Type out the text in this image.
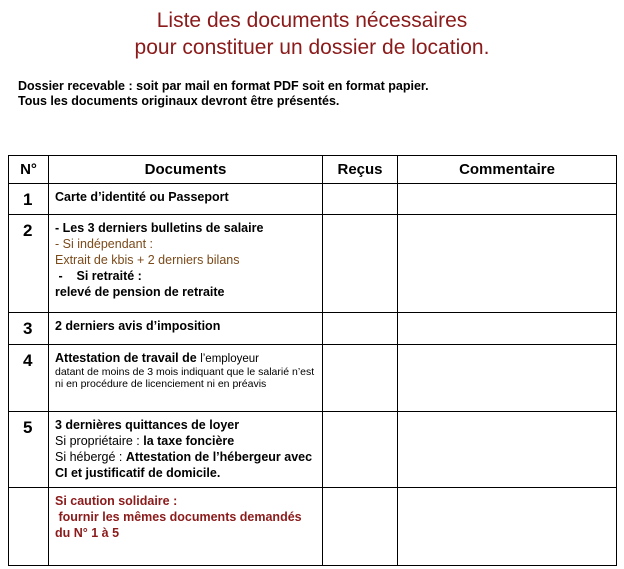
Liste des documents nécessaires
pour constituer un dossier de location.
Dossier recevable : soit par mail en format PDF soit en format papier.
Tous les documents originaux devront être présentés.
N°	Documents	Reçus	Commentaire
1	Carte d’identité ou Passeport		
2	- Les 3 derniers bulletins de salaire
- Si indépendant :
Extrait de kbis + 2 derniers bilans
-    Si retraité :
relevé de pension de retraite		

3	2 derniers avis d’imposition		
4	Attestation de travail de l’employeur
datant de moins de 3 mois indiquant que le salarié n’est ni en procédure de licenciement ni en préavis		

5	3 dernières quittances de loyer
Si propriétaire : la taxe foncière
Si hébergé : Attestation de l’hébergeur avec CI et justificatif de domicile.		

	Si caution solidaire :
fournir les mêmes documents demandés du N° 1 à 5		
